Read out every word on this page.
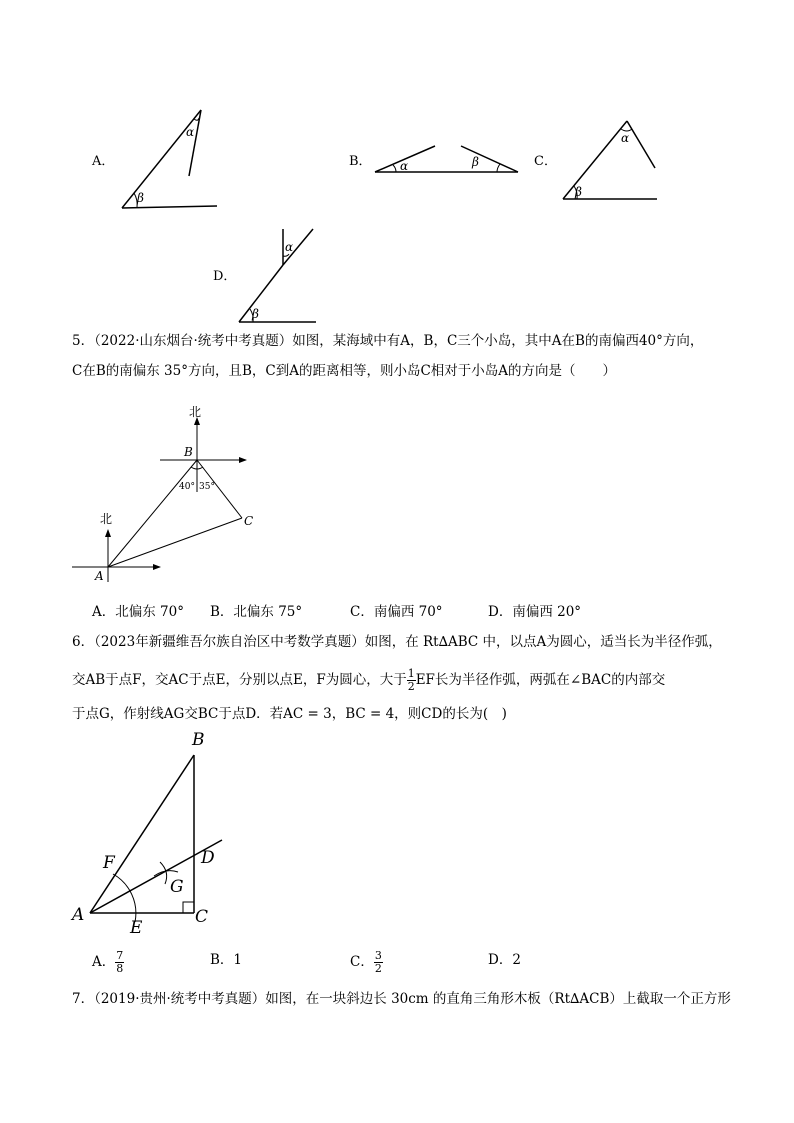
A．
β
α
B． α	β	C．
β
α
D．
β
α
5．（2022·山东烟台·统考中考真题）如图，某海域中有A，B，C三个小岛，其中A在B的南偏西40°方向，
C在B的南偏东 35°方向，且B，C到A的距离相等，则小岛C相对于小岛A的方向是（　　）
北
北
B
A
C
40° 35°
A．北偏东 70° B．北偏东 75°	C．南偏西 70°	D．南偏西 20°
6．（2023年新疆维吾尔族自治区中考数学真题）如图，在 Rt∆ABC 中，以点A为圆心，适当长为半径作弧，
交AB于点F，交AC于点E，分别以点E，F为圆心，大于 $\frac{1}{2}$ EF长为半径作弧，两弧在∠BAC的内部交
于点G，作射线AG交BC于点D．若AC = 3，BC = 4，则CD的长为(　)
F
A
E
C
D
B
G
A． $\frac{7}{8}$	B．1	C． $\frac{3}{2}$	D．2
7．（2019·贵州·统考中考真题）如图，在一块斜边长 30cm 的直角三角形木板（Rt∆ACB）上截取一个正方形
